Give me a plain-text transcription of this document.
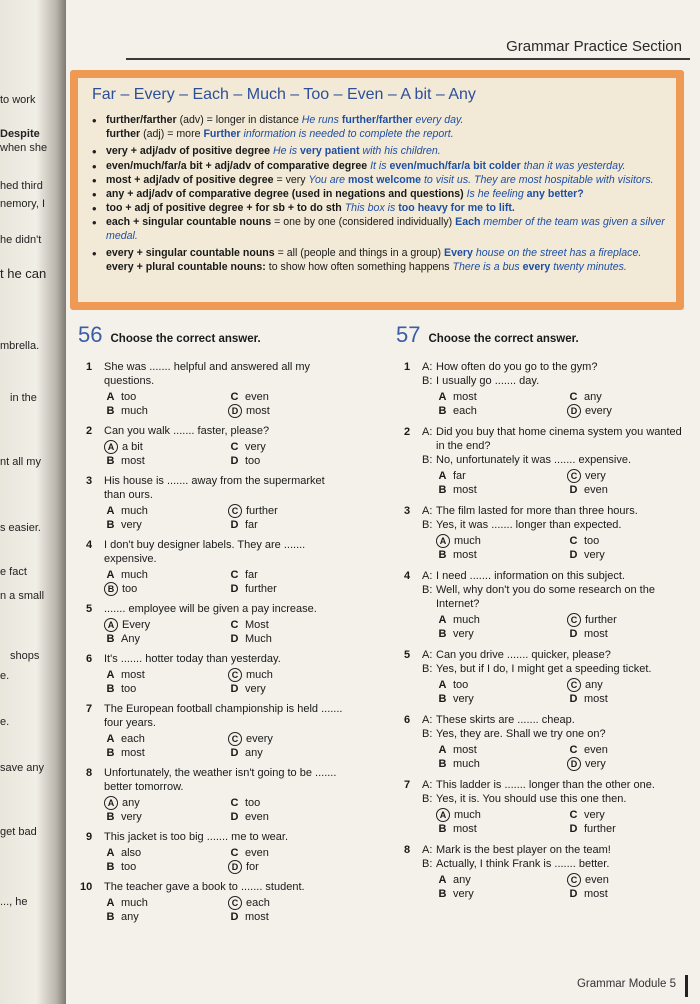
to work
Despite
when she
hed third
nemory, I
he didn't
t he can
mbrella.
in the
nt all my
s easier.
e fact
n a small
shops
e.
e.
save any
get bad
..., he
Grammar Practice Section
Far – Every – Each – Much – Too – Even – A bit – Any
• further/farther (adv) = longer in distance He runs further/farther every day.
further (adj) = more Further information is needed to complete the report.
• very + adj/adv of positive degree He is very patient with his children.
• even/much/far/a bit + adj/adv of comparative degree It is even/much/far/a bit colder than it was yesterday.
• most + adj/adv of positive degree = very You are most welcome to visit us. They are most hospitable with visitors.
• any + adj/adv of comparative degree (used in negations and questions) Is he feeling any better?
• too + adj of positive degree + for sb + to do sth This box is too heavy for me to lift.
• each + singular countable nouns = one by one (considered individually) Each member of the team was given a silver medal.
• every + singular countable nouns = all (people and things in a group) Every house on the street has a fireplace.
every + plural countable nouns: to show how often something happens There is a bus every twenty minutes.
56 Choose the correct answer.
1 She was ....... helpful and answered all my questions.
A too	C even
B much	D most
2 Can you walk ....... faster, please?
A a bit	C very
B most	D too
3 His house is ....... away from the supermarket than ours.
A much	C further
B very	D far
4 I don't buy designer labels. They are ....... expensive.
A much	C far
B too	D further
5 ....... employee will be given a pay increase.
A Every	C Most
B Any	D Much
6 It's ....... hotter today than yesterday.
A most	C much
B too	D very
7 The European football championship is held ....... four years.
A each	C every
B most	D any
8 Unfortunately, the weather isn't going to be ....... better tomorrow.
A any	C too
B very	D even
9 This jacket is too big ....... me to wear.
A also	C even
B too	D for
10 The teacher gave a book to ....... student.
A much	C each
B any	D most
57 Choose the correct answer.
1 A: How often do you go to the gym?
B: I usually go ....... day.
A most	C any
B each	D every
2 A: Did you buy that home cinema system you wanted in the end?
B: No, unfortunately it was ....... expensive.
A far	C very
B most	D even
3 A: The film lasted for more than three hours.
B: Yes, it was ....... longer than expected.
A much	C too
B most	D very
4 A: I need ....... information on this subject.
B: Well, why don't you do some research on the Internet?
A much	C further
B very	D most
5 A: Can you drive ....... quicker, please?
B: Yes, but if I do, I might get a speeding ticket.
A too	C any
B very	D most
6 A: These skirts are ....... cheap.
B: Yes, they are. Shall we try one on?
A most	C even
B much	D very
7 A: This ladder is ....... longer than the other one.
B: Yes, it is. You should use this one then.
A much	C very
B most	D further
8 A: Mark is the best player on the team!
B: Actually, I think Frank is ....... better.
A any	C even
B very	D most
Grammar Module 5
